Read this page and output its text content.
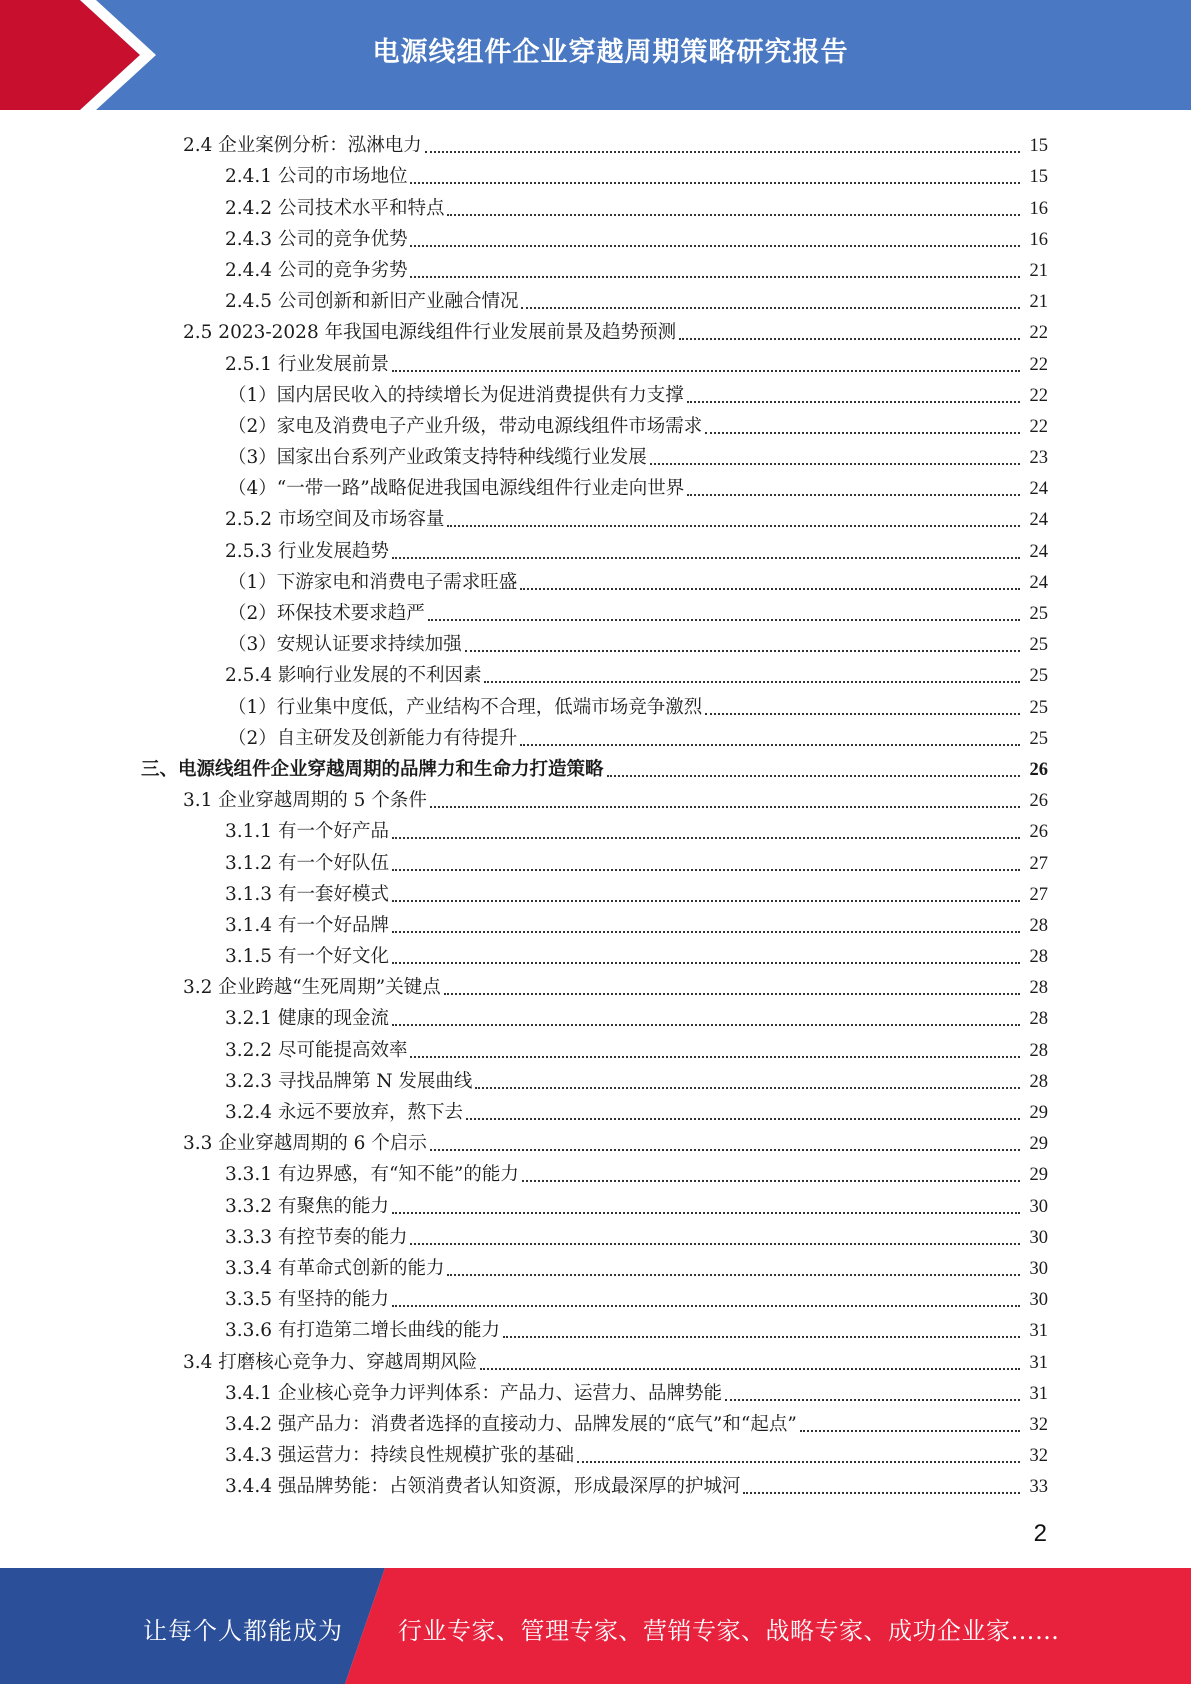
电源线组件企业穿越周期策略研究报告
2.4 企业案例分析：泓淋电力	15
2.4.1 公司的市场地位	15
2.4.2 公司技术水平和特点	16
2.4.3 公司的竞争优势	16
2.4.4 公司的竞争劣势	21
2.4.5 公司创新和新旧产业融合情况	21
2.5 2023-2028 年我国电源线组件行业发展前景及趋势预测	22
2.5.1 行业发展前景	22
（1）国内居民收入的持续增长为促进消费提供有力支撑	22
（2）家电及消费电子产业升级，带动电源线组件市场需求	22
（3）国家出台系列产业政策支持特种线缆行业发展	23
（4）“一带一路”战略促进我国电源线组件行业走向世界	24
2.5.2 市场空间及市场容量	24
2.5.3 行业发展趋势	24
（1）下游家电和消费电子需求旺盛	24
（2）环保技术要求趋严	25
（3）安规认证要求持续加强	25
2.5.4 影响行业发展的不利因素	25
（1）行业集中度低，产业结构不合理，低端市场竞争激烈	25
（2）自主研发及创新能力有待提升	25
三、电源线组件企业穿越周期的品牌力和生命力打造策略	26
3.1 企业穿越周期的 5 个条件	26
3.1.1 有一个好产品	26
3.1.2 有一个好队伍	27
3.1.3 有一套好模式	27
3.1.4 有一个好品牌	28
3.1.5 有一个好文化	28
3.2 企业跨越“生死周期”关键点	28
3.2.1 健康的现金流	28
3.2.2 尽可能提高效率	28
3.2.3 寻找品牌第 N 发展曲线	28
3.2.4 永远不要放弃，熬下去	29
3.3 企业穿越周期的 6 个启示	29
3.3.1 有边界感，有“知不能”的能力	29
3.3.2 有聚焦的能力	30
3.3.3 有控节奏的能力	30
3.3.4 有革命式创新的能力	30
3.3.5 有坚持的能力	30
3.3.6 有打造第二增长曲线的能力	31
3.4 打磨核心竞争力、穿越周期风险	31
3.4.1 企业核心竞争力评判体系：产品力、运营力、品牌势能	31
3.4.2 强产品力：消费者选择的直接动力、品牌发展的“底气”和“起点”	32
3.4.3 强运营力：持续良性规模扩张的基础	32
3.4.4 强品牌势能：占领消费者认知资源，形成最深厚的护城河	33
2
让每个人都能成为 行业专家、管理专家、营销专家、战略专家、成功企业家……
